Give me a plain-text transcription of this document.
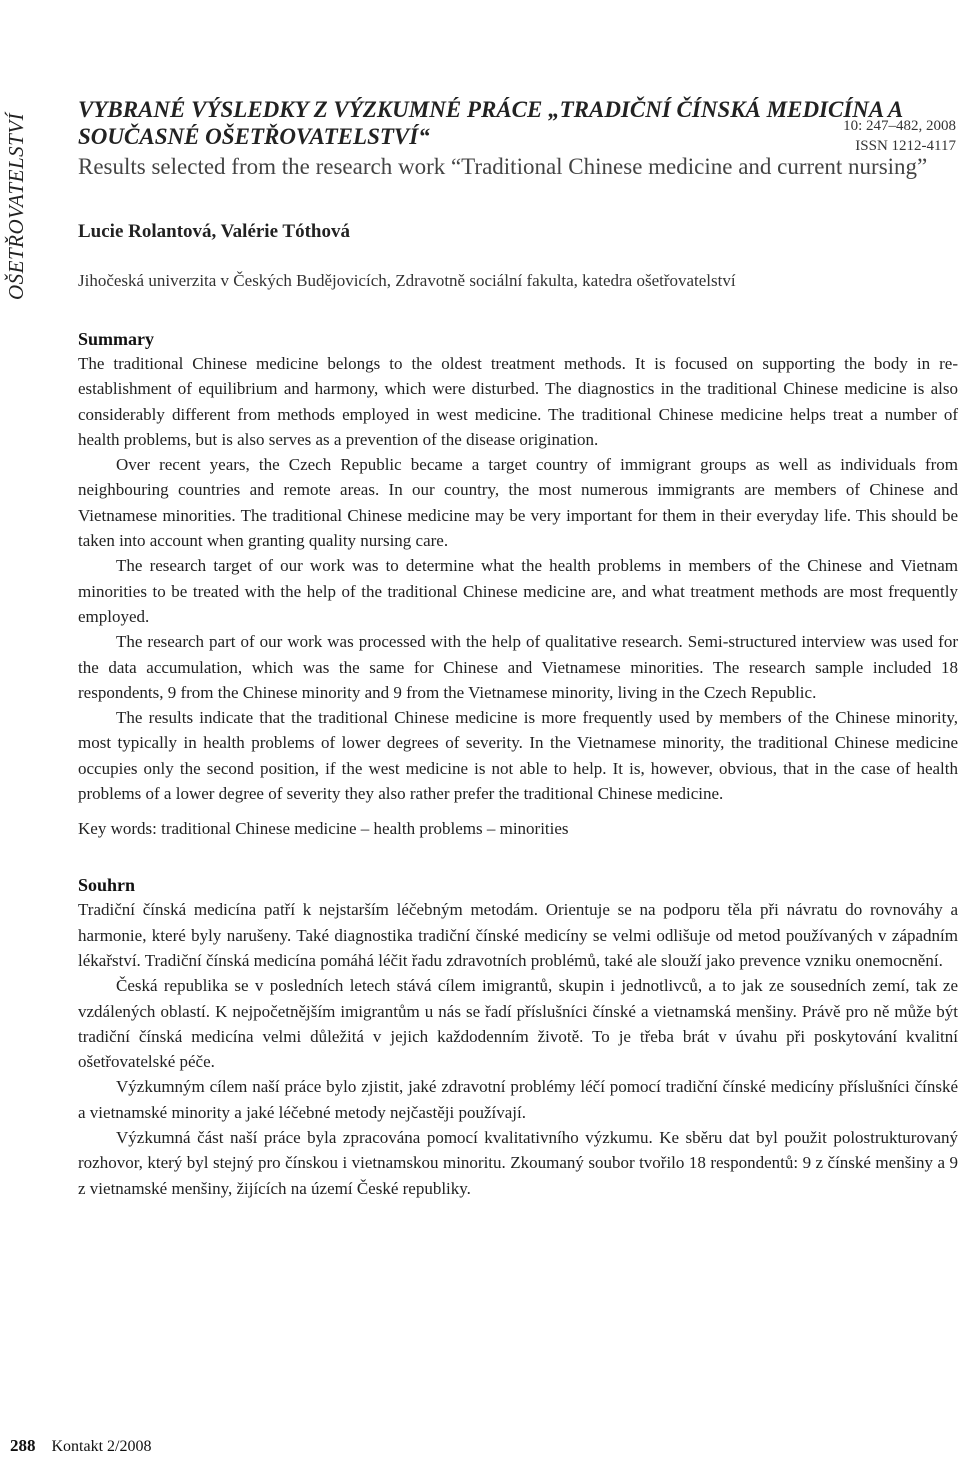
OŠETŘOVATELSTVÍ	10: 247–482, 2008
ISSN 1212-4117
VYBRANÉ VÝSLEDKY Z VÝZKUMNÉ PRÁCE „TRADIČNÍ ČÍNSKÁ MEDICÍNA A SOUČASNÉ OŠETŘOVATELSTVÍ“
Results selected from the research work “Traditional Chinese medicine and current nursing”

Lucie Rolantová, Valérie Tóthová

Jihočeská univerzita v Českých Budějovicích, Zdravotně sociální fakulta, katedra ošetřovatelství

Summary

The traditional Chinese medicine belongs to the oldest treatment methods. It is focused on supporting the body in re-establishment of equilibrium and harmony, which were disturbed. The diagnostics in the traditional Chinese medicine is also considerably different from methods employed in west medicine. The traditional Chinese medicine helps treat a number of health problems, but is also serves as a prevention of the disease origination.

Over recent years, the Czech Republic became a target country of immigrant groups as well as individuals from neighbouring countries and remote areas. In our country, the most numerous immigrants are members of Chinese and Vietnamese minorities. The traditional Chinese medicine may be very important for them in their everyday life. This should be taken into account when granting quality nursing care.

The research target of our work was to determine what the health problems in members of the Chinese and Vietnam minorities to be treated with the help of the traditional Chinese medicine are, and what treatment methods are most frequently employed.

The research part of our work was processed with the help of qualitative research. Semi-structured interview was used for the data accumulation, which was the same for Chinese and Vietnamese minorities. The research sample included 18 respondents, 9 from the Chinese minority and 9 from the Vietnamese minority, living in the Czech Republic.

The results indicate that the traditional Chinese medicine is more frequently used by members of the Chinese minority, most typically in health problems of lower degrees of severity. In the Vietnamese minority, the traditional Chinese medicine occupies only the second position, if the west medicine is not able to help. It is, however, obvious, that in the case of health problems of a lower degree of severity they also rather prefer the traditional Chinese medicine.

Key words: traditional Chinese medicine – health problems – minorities

Souhrn

Tradiční čínská medicína patří k nejstarším léčebným metodám. Orientuje se na podporu těla při návratu do rovnováhy a harmonie, které byly narušeny. Také diagnostika tradiční čínské medicíny se velmi odlišuje od metod používaných v západním lékařství. Tradiční čínská medicína pomáhá léčit řadu zdravotních problémů, také ale slouží jako prevence vzniku onemocnění.

Česká republika se v posledních letech stává cílem imigrantů, skupin i jednotlivců, a to jak ze sousedních zemí, tak ze vzdálených oblastí. K nejpočetnějším imigrantům u nás se řadí příslušníci čínské a vietnamská menšiny. Právě pro ně může být tradiční čínská medicína velmi důležitá v jejich každodenním životě. To je třeba brát v úvahu při poskytování kvalitní ošetřovatelské péče.

Výzkumným cílem naší práce bylo zjistit, jaké zdravotní problémy léčí pomocí tradiční čínské medicíny příslušníci čínské a vietnamské minority a jaké léčebné metody nejčastěji používají.

Výzkumná část naší práce byla zpracována pomocí kvalitativního výzkumu. Ke sběru dat byl použit polostrukturovaný rozhovor, který byl stejný pro čínskou i vietnamskou minoritu. Zkoumaný soubor tvořilo 18 respondentů: 9 z čínské menšiny a 9 z vietnamské menšiny, žijících na území České republiky.

288 Kontakt 2/2008
